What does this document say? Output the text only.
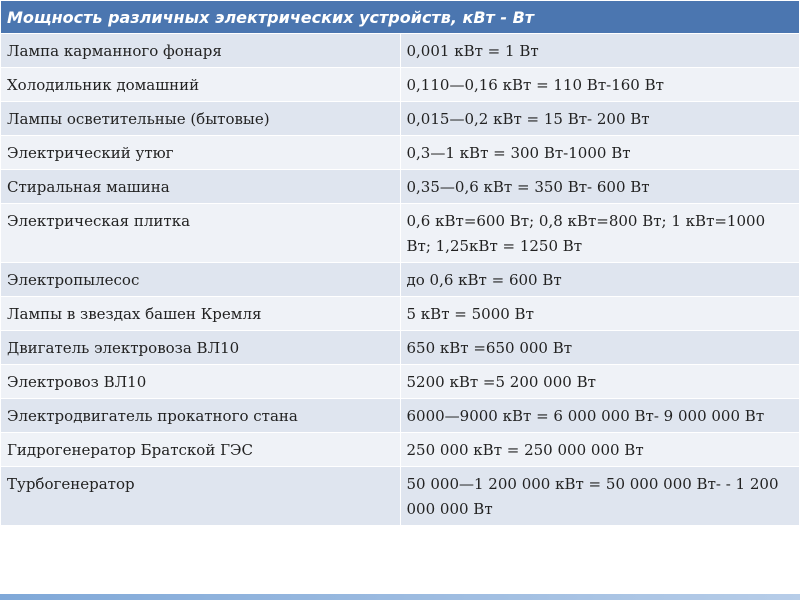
Мощность различных электрических устройств, кВт - Вт	
Лампа карманного фонаря	0,001 кВт = 1 Вт
Холодильник домашний	0,110—0,16 кВт = 110 Вт-160 Вт
Лампы осветительные (бытовые)	0,015—0,2 кВт = 15 Вт- 200 Вт
Электрический утюг	0,3—1 кВт = 300 Вт-1000 Вт
Стиральная машина	0,35—0,6 кВт = 350 Вт- 600 Вт
Электрическая плитка	0,6 кВт=600 Вт; 0,8 кВт=800 Вт; 1 кВт=1000 Вт; 1,25кВт = 1250 Вт
Электропылесос	до 0,6 кВт = 600 Вт
Лампы в звездах башен Кремля	5 кВт = 5000 Вт
Двигатель электровоза ВЛ10	650 кВт =650 000 Вт
Электровоз ВЛ10	5200 кВт =5 200 000 Вт
Электродвигатель прокатного стана	6000—9000 кВт = 6 000 000 Вт- 9 000 000 Вт
Гидрогенератор Братской ГЭС	250 000 кВт = 250 000 000 Вт
Турбогенератор	50 000—1 200 000 кВт = 50 000 000 Вт- - 1 200 000 000 Вт
